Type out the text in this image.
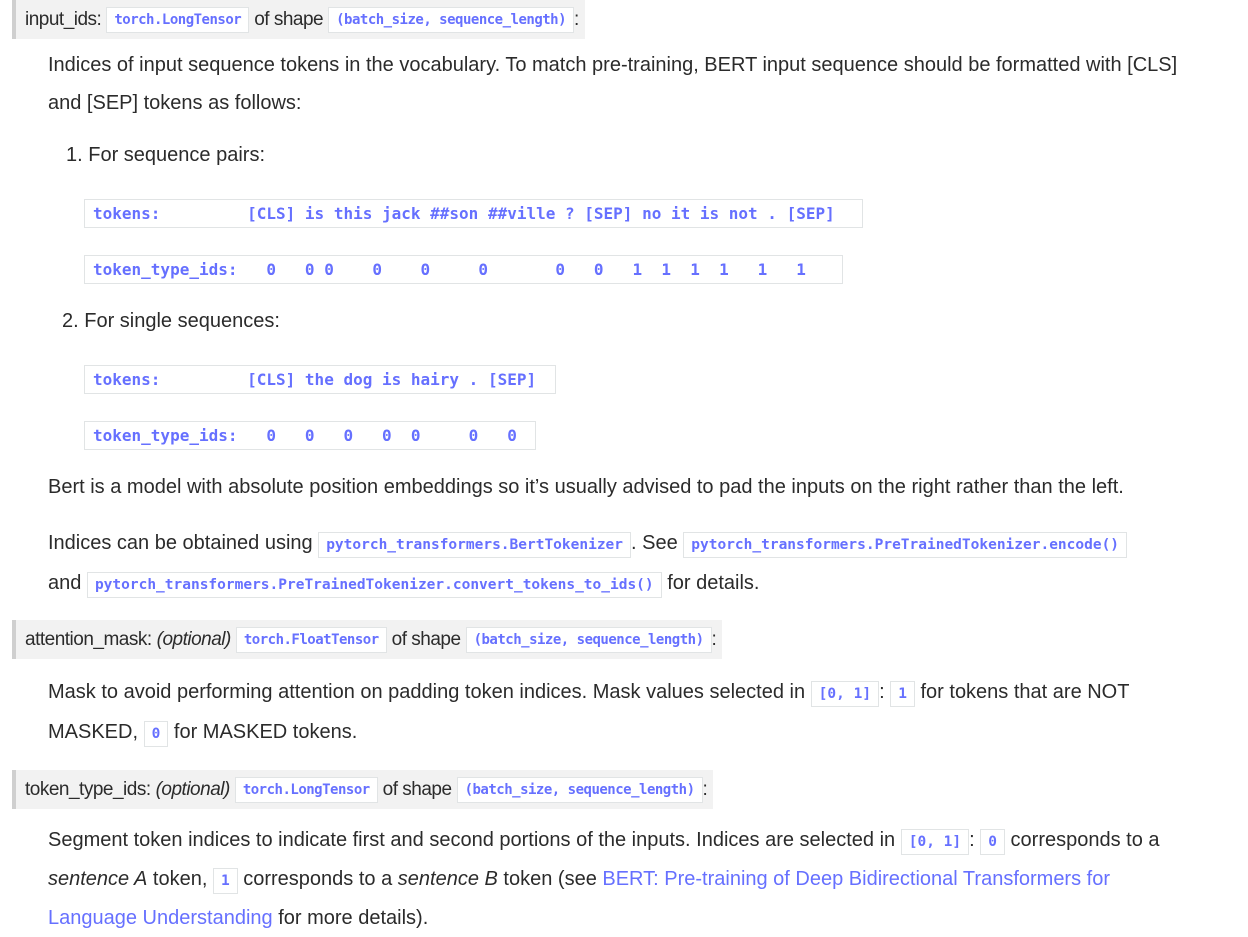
input_ids: torch.LongTensor of shape (batch_size, sequence_length) :
Indices of input sequence tokens in the vocabulary. To match pre-training, BERT input sequence should be formatted with [CLS]
and [SEP] tokens as follows:
1. For sequence pairs:
tokens:         [CLS] is this jack ##son ##ville ? [SEP] no it is not . [SEP]
token_type_ids:   0   0 0    0    0     0       0   0   1  1  1  1   1   1
2. For single sequences:
tokens:         [CLS] the dog is hairy . [SEP]
token_type_ids:   0   0   0   0  0     0   0
Bert is a model with absolute position embeddings so it’s usually advised to pad the inputs on the right rather than the left.
Indices can be obtained using pytorch_transformers.BertTokenizer . See pytorch_transformers.PreTrainedTokenizer.encode()
and pytorch_transformers.PreTrainedTokenizer.convert_tokens_to_ids() for details.
attention_mask: (optional) torch.FloatTensor of shape (batch_size, sequence_length) :
Mask to avoid performing attention on padding token indices. Mask values selected in [0, 1] : 1 for tokens that are NOT
MASKED, 0 for MASKED tokens.
token_type_ids: (optional) torch.LongTensor of shape (batch_size, sequence_length) :
Segment token indices to indicate first and second portions of the inputs. Indices are selected in [0, 1] : 0 corresponds to a
sentence A token, 1 corresponds to a sentence B token (see BERT: Pre-training of Deep Bidirectional Transformers for
Language Understanding for more details).
